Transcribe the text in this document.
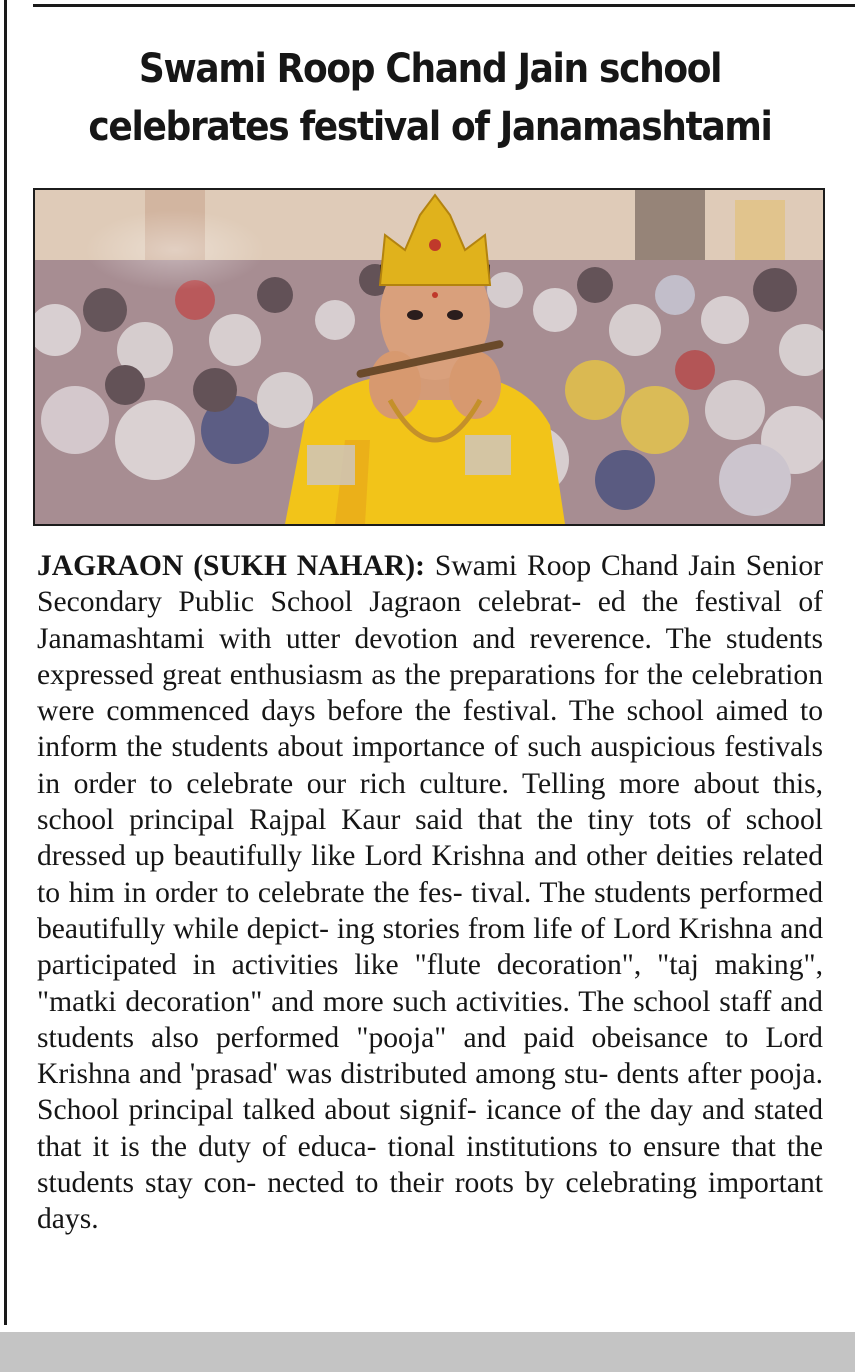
Swami Roop Chand Jain school
celebrates festival of Janamashtami
JAGRAON (SUKH NAHAR): Swami Roop Chand Jain Senior Secondary Public School Jagraon celebrat- ed the festival of Janamashtami with utter devotion and reverence. The students expressed great enthusiasm as the preparations for the celebration were commenced days before the festival. The school aimed to inform the students about importance of such auspicious festivals in order to celebrate our rich culture. Telling more about this, school principal Rajpal Kaur said that the tiny tots of school dressed up beautifully like Lord Krishna and other deities related to him in order to celebrate the fes- tival. The students performed beautifully while depict- ing stories from life of Lord Krishna and participated in activities like "flute decoration", "taj making", "matki decoration" and more such activities. The school staff and students also performed "pooja" and paid obeisance to Lord Krishna and 'prasad' was distributed among stu- dents after pooja. School principal talked about signif- icance of the day and stated that it is the duty of educa- tional institutions to ensure that the students stay con- nected to their roots by celebrating important days.
